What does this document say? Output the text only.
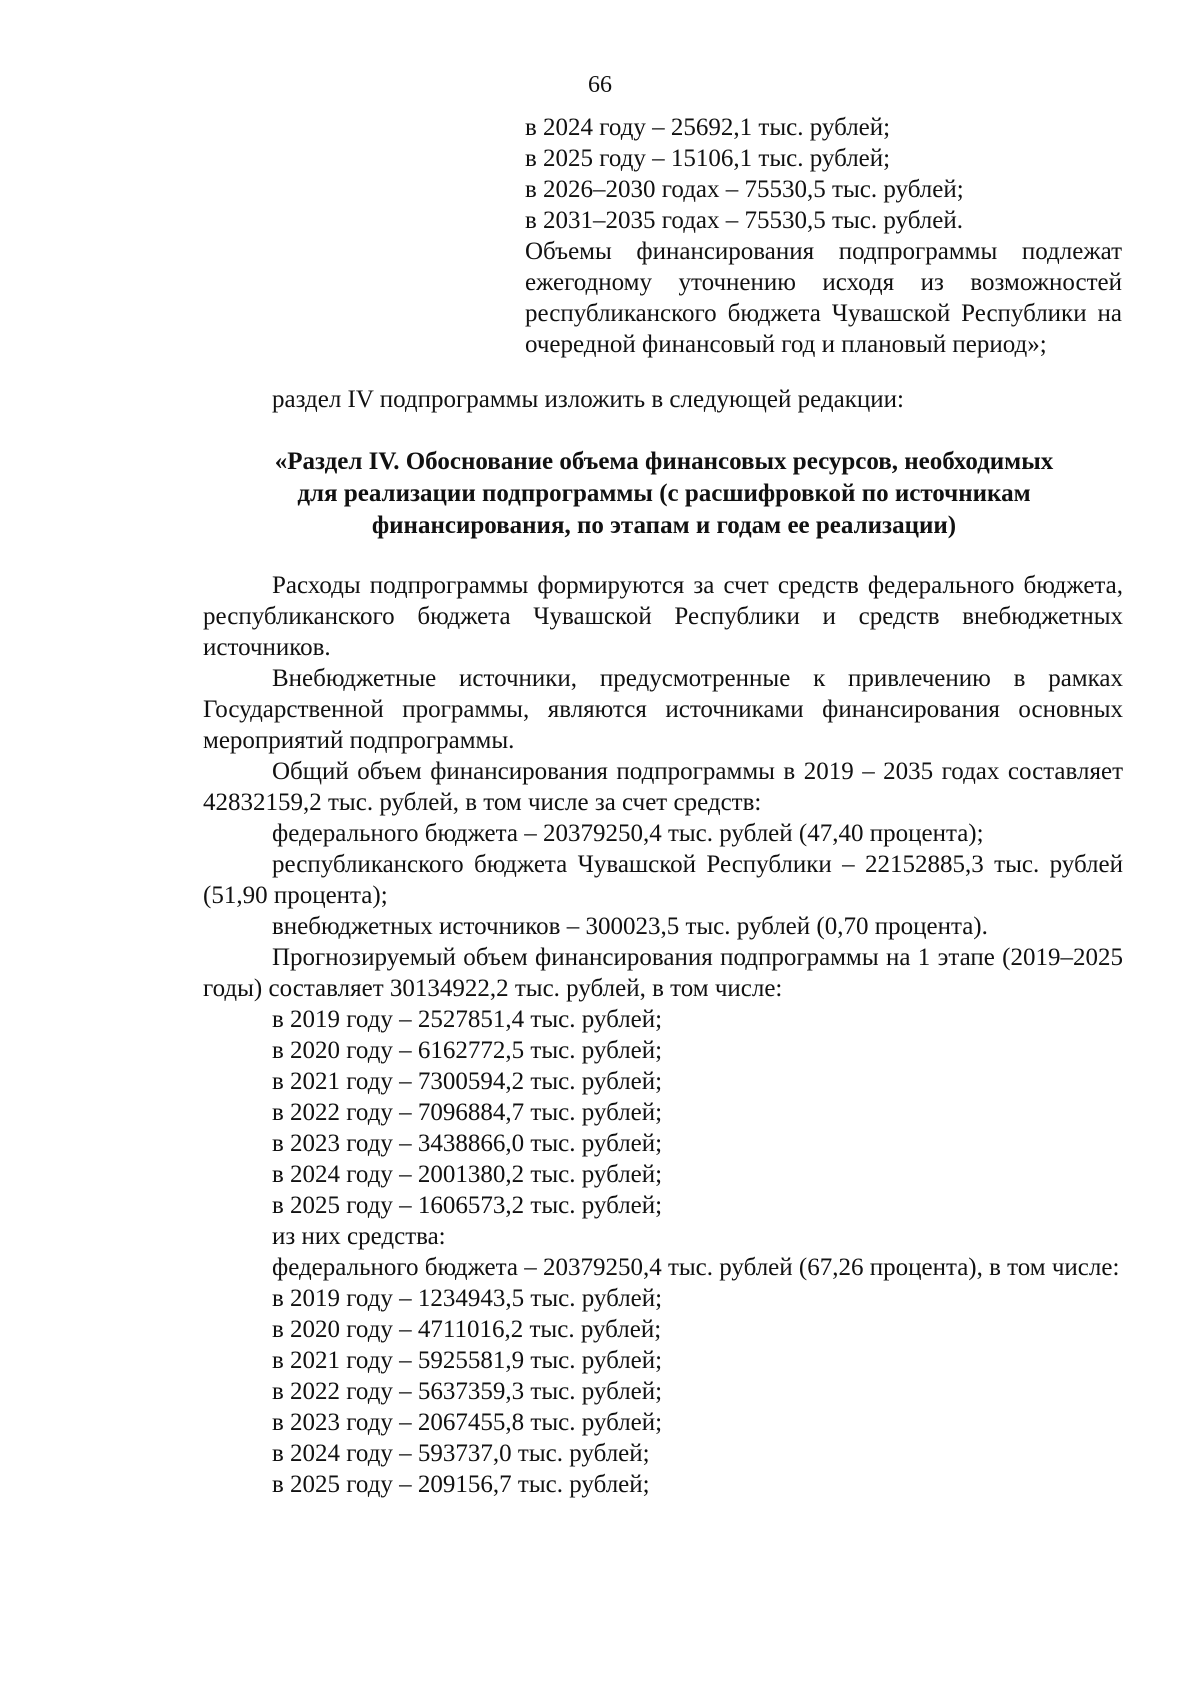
66
в 2024 году – 25692,1 тыс. рублей;
в 2025 году – 15106,1 тыс. рублей;
в 2026–2030 годах – 75530,5 тыс. рублей;
в 2031–2035 годах – 75530,5 тыс. рублей.
Объемы финансирования подпрограммы подлежат ежегодному уточнению исходя из возможностей республиканского бюджета Чувашской Республики на очередной финансовый год и плановый период»;
раздел IV подпрограммы изложить в следующей редакции:
«Раздел IV. Обоснование объема финансовых ресурсов, необходимых
для реализации подпрограммы (с расшифровкой по источникам
финансирования, по этапам и годам ее реализации)

Расходы подпрограммы формируются за счет средств федерального бюджета, республиканского бюджета Чувашской Республики и средств внебюджетных источников.

Внебюджетные источники, предусмотренные к привлечению в рамках Государственной программы, являются источниками финансирования основных мероприятий подпрограммы.

Общий объем финансирования подпрограммы в 2019 – 2035 годах составляет 42832159,2 тыс. рублей, в том числе за счет средств:

федерального бюджета – 20379250,4 тыс. рублей (47,40 процента);

республиканского бюджета Чувашской Республики – 22152885,3 тыс. рублей (51,90 процента);

внебюджетных источников – 300023,5 тыс. рублей (0,70 процента).

Прогнозируемый объем финансирования подпрограммы на 1 этапе (2019–2025 годы) составляет 30134922,2 тыс. рублей, в том числе:

в 2019 году – 2527851,4 тыс. рублей;

в 2020 году – 6162772,5 тыс. рублей;

в 2021 году – 7300594,2 тыс. рублей;

в 2022 году – 7096884,7 тыс. рублей;

в 2023 году – 3438866,0 тыс. рублей;

в 2024 году – 2001380,2 тыс. рублей;

в 2025 году – 1606573,2 тыс. рублей;

из них средства:

федерального бюджета – 20379250,4 тыс. рублей (67,26 процента), в том числе:

в 2019 году – 1234943,5 тыс. рублей;

в 2020 году – 4711016,2 тыс. рублей;

в 2021 году – 5925581,9 тыс. рублей;

в 2022 году – 5637359,3 тыс. рублей;

в 2023 году – 2067455,8 тыс. рублей;

в 2024 году – 593737,0 тыс. рублей;

в 2025 году – 209156,7 тыс. рублей;
